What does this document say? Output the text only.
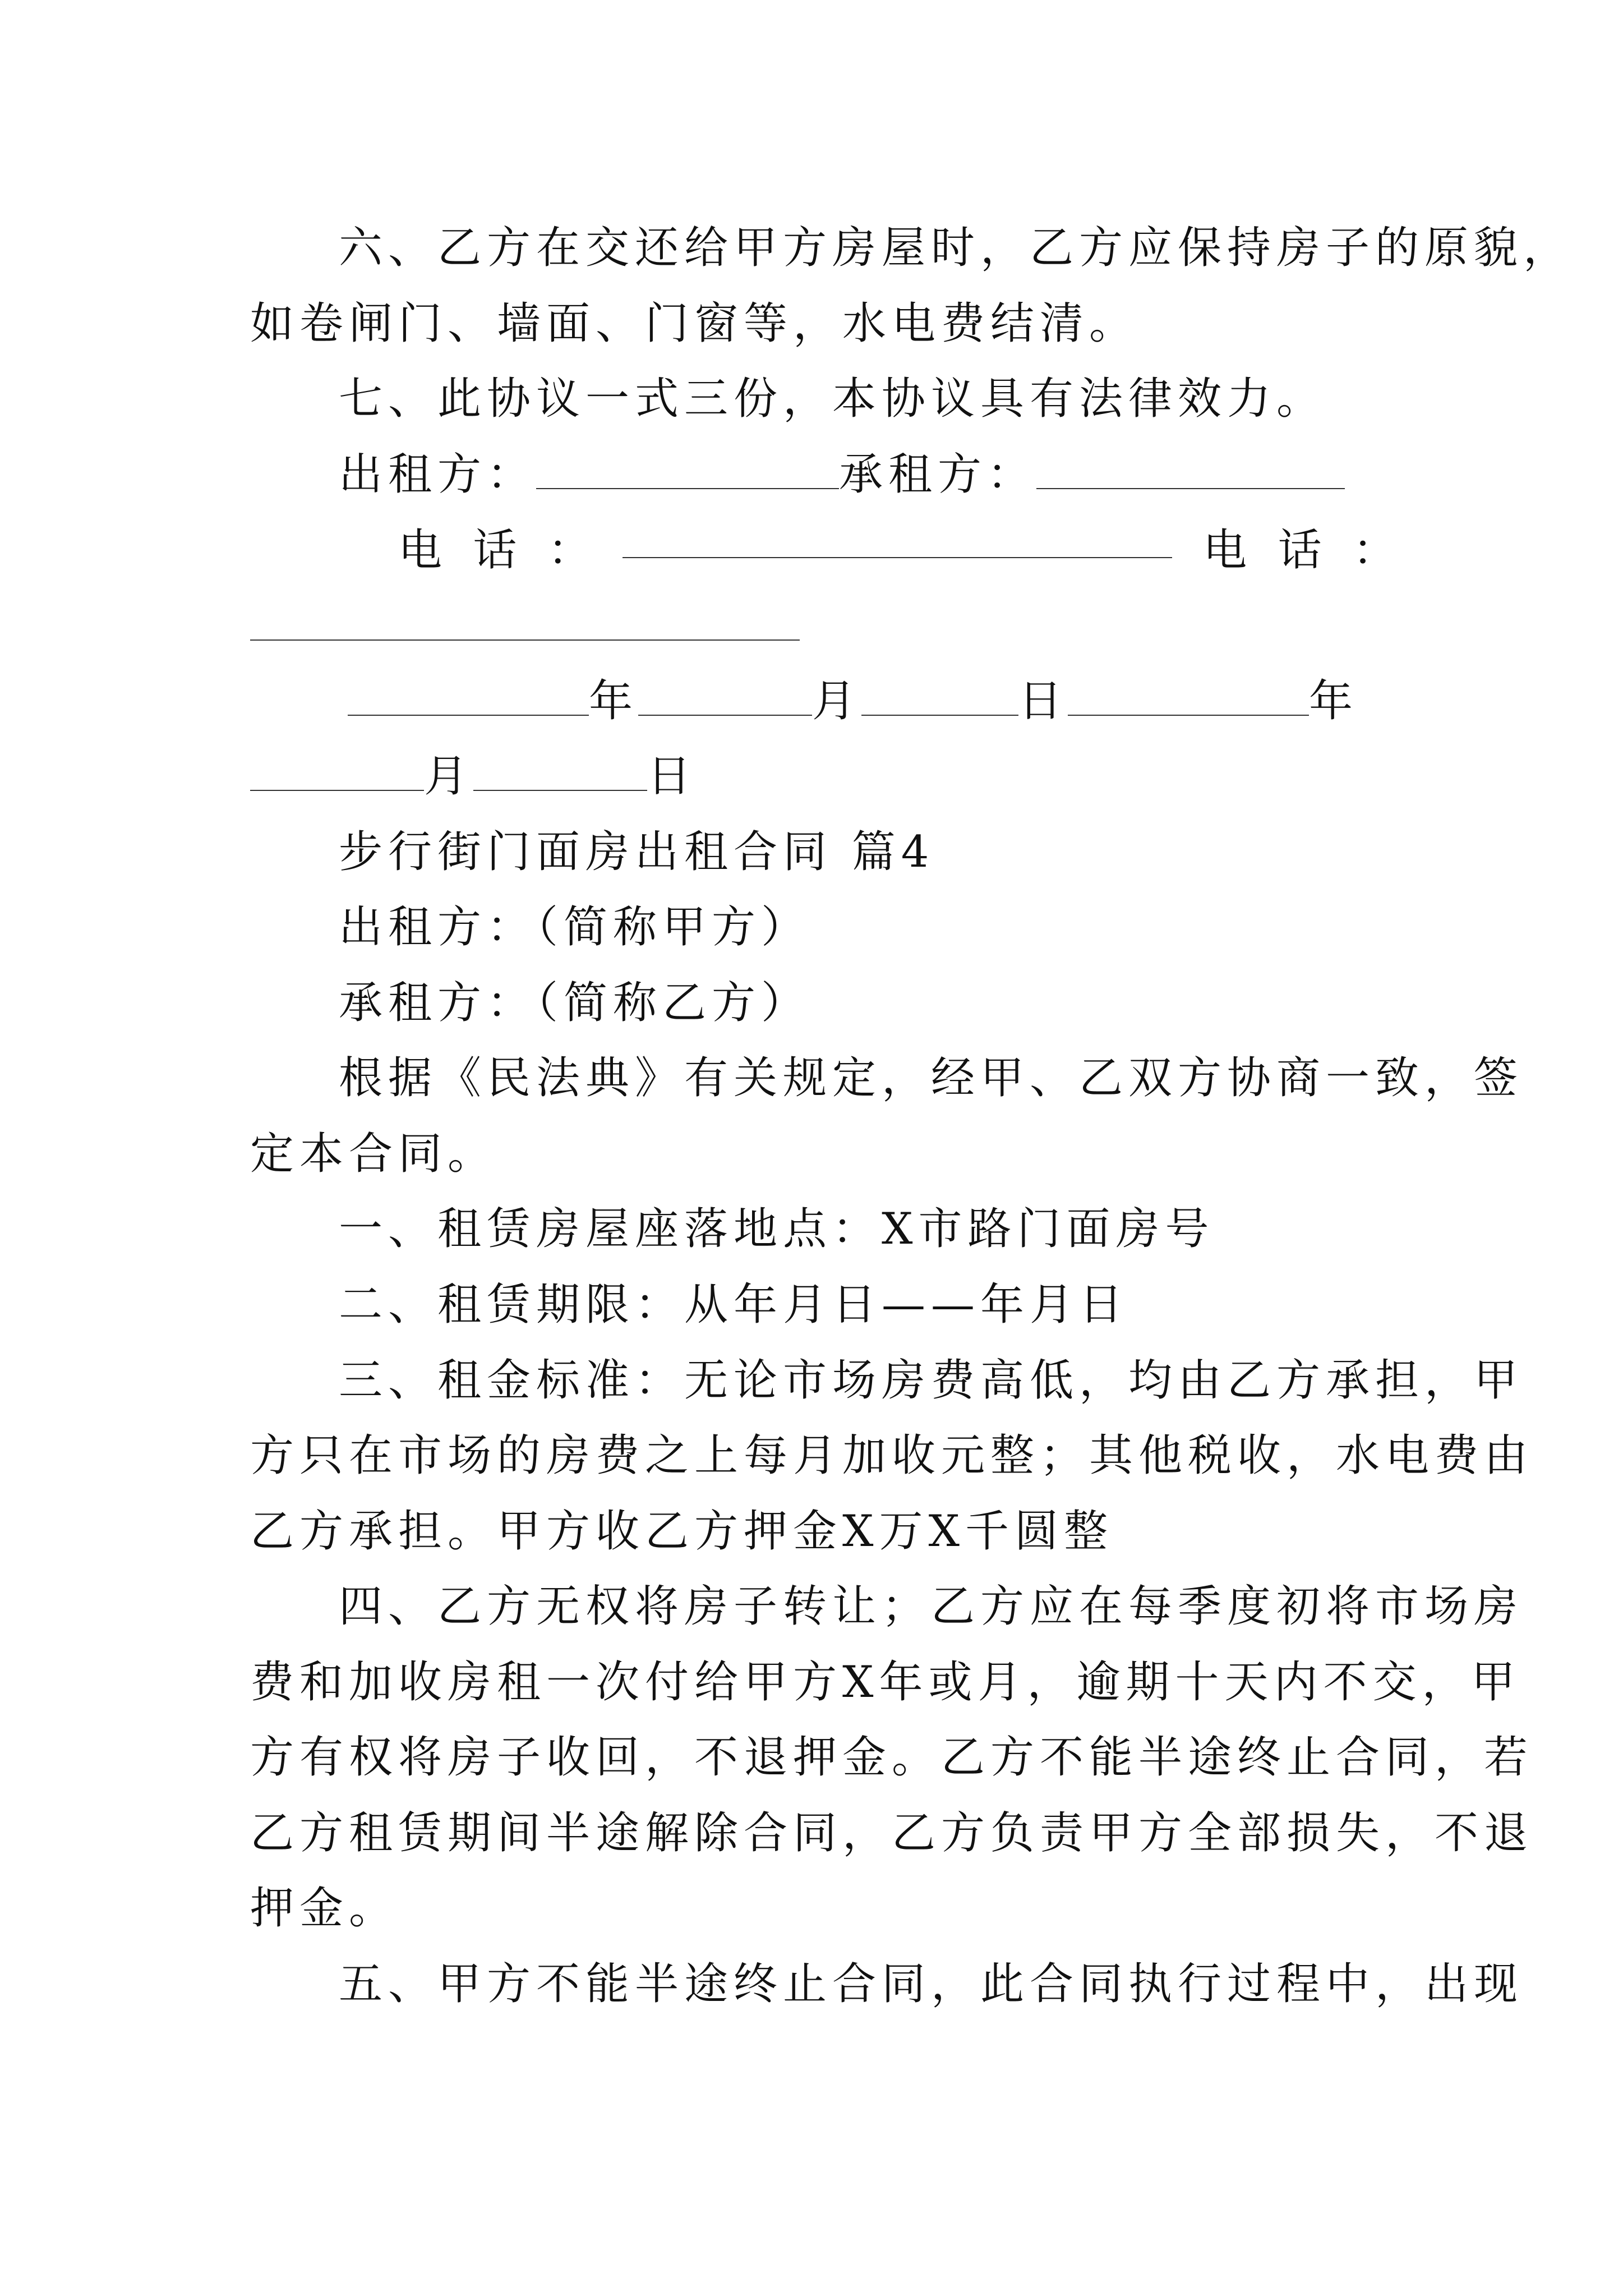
六、乙方在交还给甲方房屋时，乙方应保持房子的原貌，
如卷闸门、墙面、门窗等，水电费结清。
七、此协议一式三份，本协议具有法律效力。
出租方：	承租方：
电 话 ：	电 话 ：
年	月	日	年
月	日
步行街门面房出租合同 篇4
出租方：（简称甲方）
承租方：（简称乙方）
根据《民法典》有关规定，经甲、乙双方协商一致，签
定本合同。
一、租赁房屋座落地点：X市路门面房号
二、租赁期限：从年月日——年月日
三、租金标准：无论市场房费高低，均由乙方承担，甲
方只在市场的房费之上每月加收元整；其他税收，水电费由
乙方承担。甲方收乙方押金X万X千圆整
四、乙方无权将房子转让；乙方应在每季度初将市场房
费和加收房租一次付给甲方X年或月，逾期十天内不交，甲
方有权将房子收回，不退押金。乙方不能半途终止合同，若
乙方租赁期间半途解除合同，乙方负责甲方全部损失，不退
押金。
五、甲方不能半途终止合同，此合同执行过程中，出现
